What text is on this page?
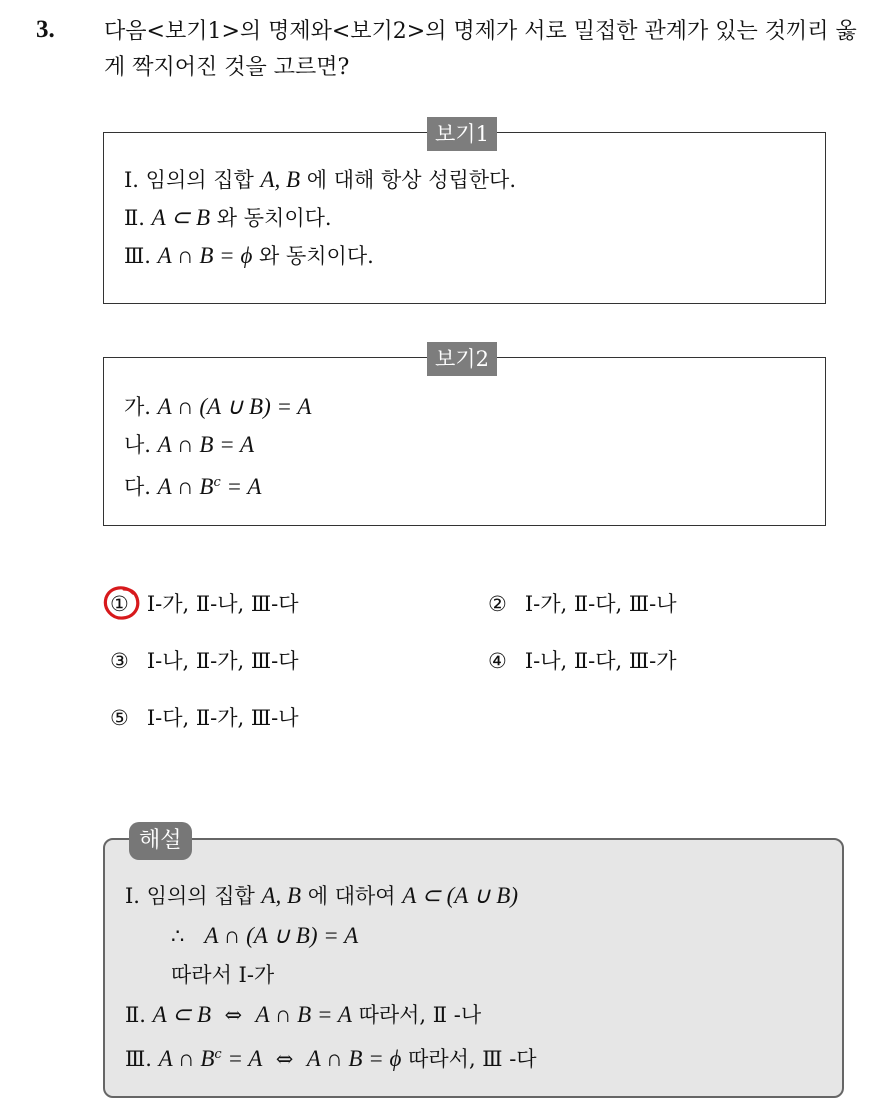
3. 다음<보기1>의 명제와<보기2>의 명제가 서로 밀접한 관계가 있는 것끼리 옳게 짝지어진 것을 고르면?

보기1
Ⅰ. 임의의 집합 A, B 에 대해 항상 성립한다.
Ⅱ. A ⊂ B 와 동치이다.
Ⅲ. A ∩ B = ϕ 와 동치이다.
보기2
가. A ∩ (A ∪ B) = A
나. A ∩ B = A
다. A ∩ $B^c = A$
① Ⅰ-가, Ⅱ-나, Ⅲ-다	② Ⅰ-가, Ⅱ-다, Ⅲ-나
③ Ⅰ-나, Ⅱ-가, Ⅲ-다	④ Ⅰ-나, Ⅱ-다, Ⅲ-가
⑤ Ⅰ-다, Ⅱ-가, Ⅲ-나
Ⅰ. 임의의 집합 A, B 에 대하여 A ⊂ (A ∪ B)
∴ A ∩ (A ∪ B) = A
따라서 Ⅰ-가
Ⅱ. A ⊂ B ⇔ A ∩ B = A 따라서, Ⅱ -나
Ⅲ. A ∩ $B^c = A$ ⇔ A ∩ B = ϕ 따라서, Ⅲ -다
해설
